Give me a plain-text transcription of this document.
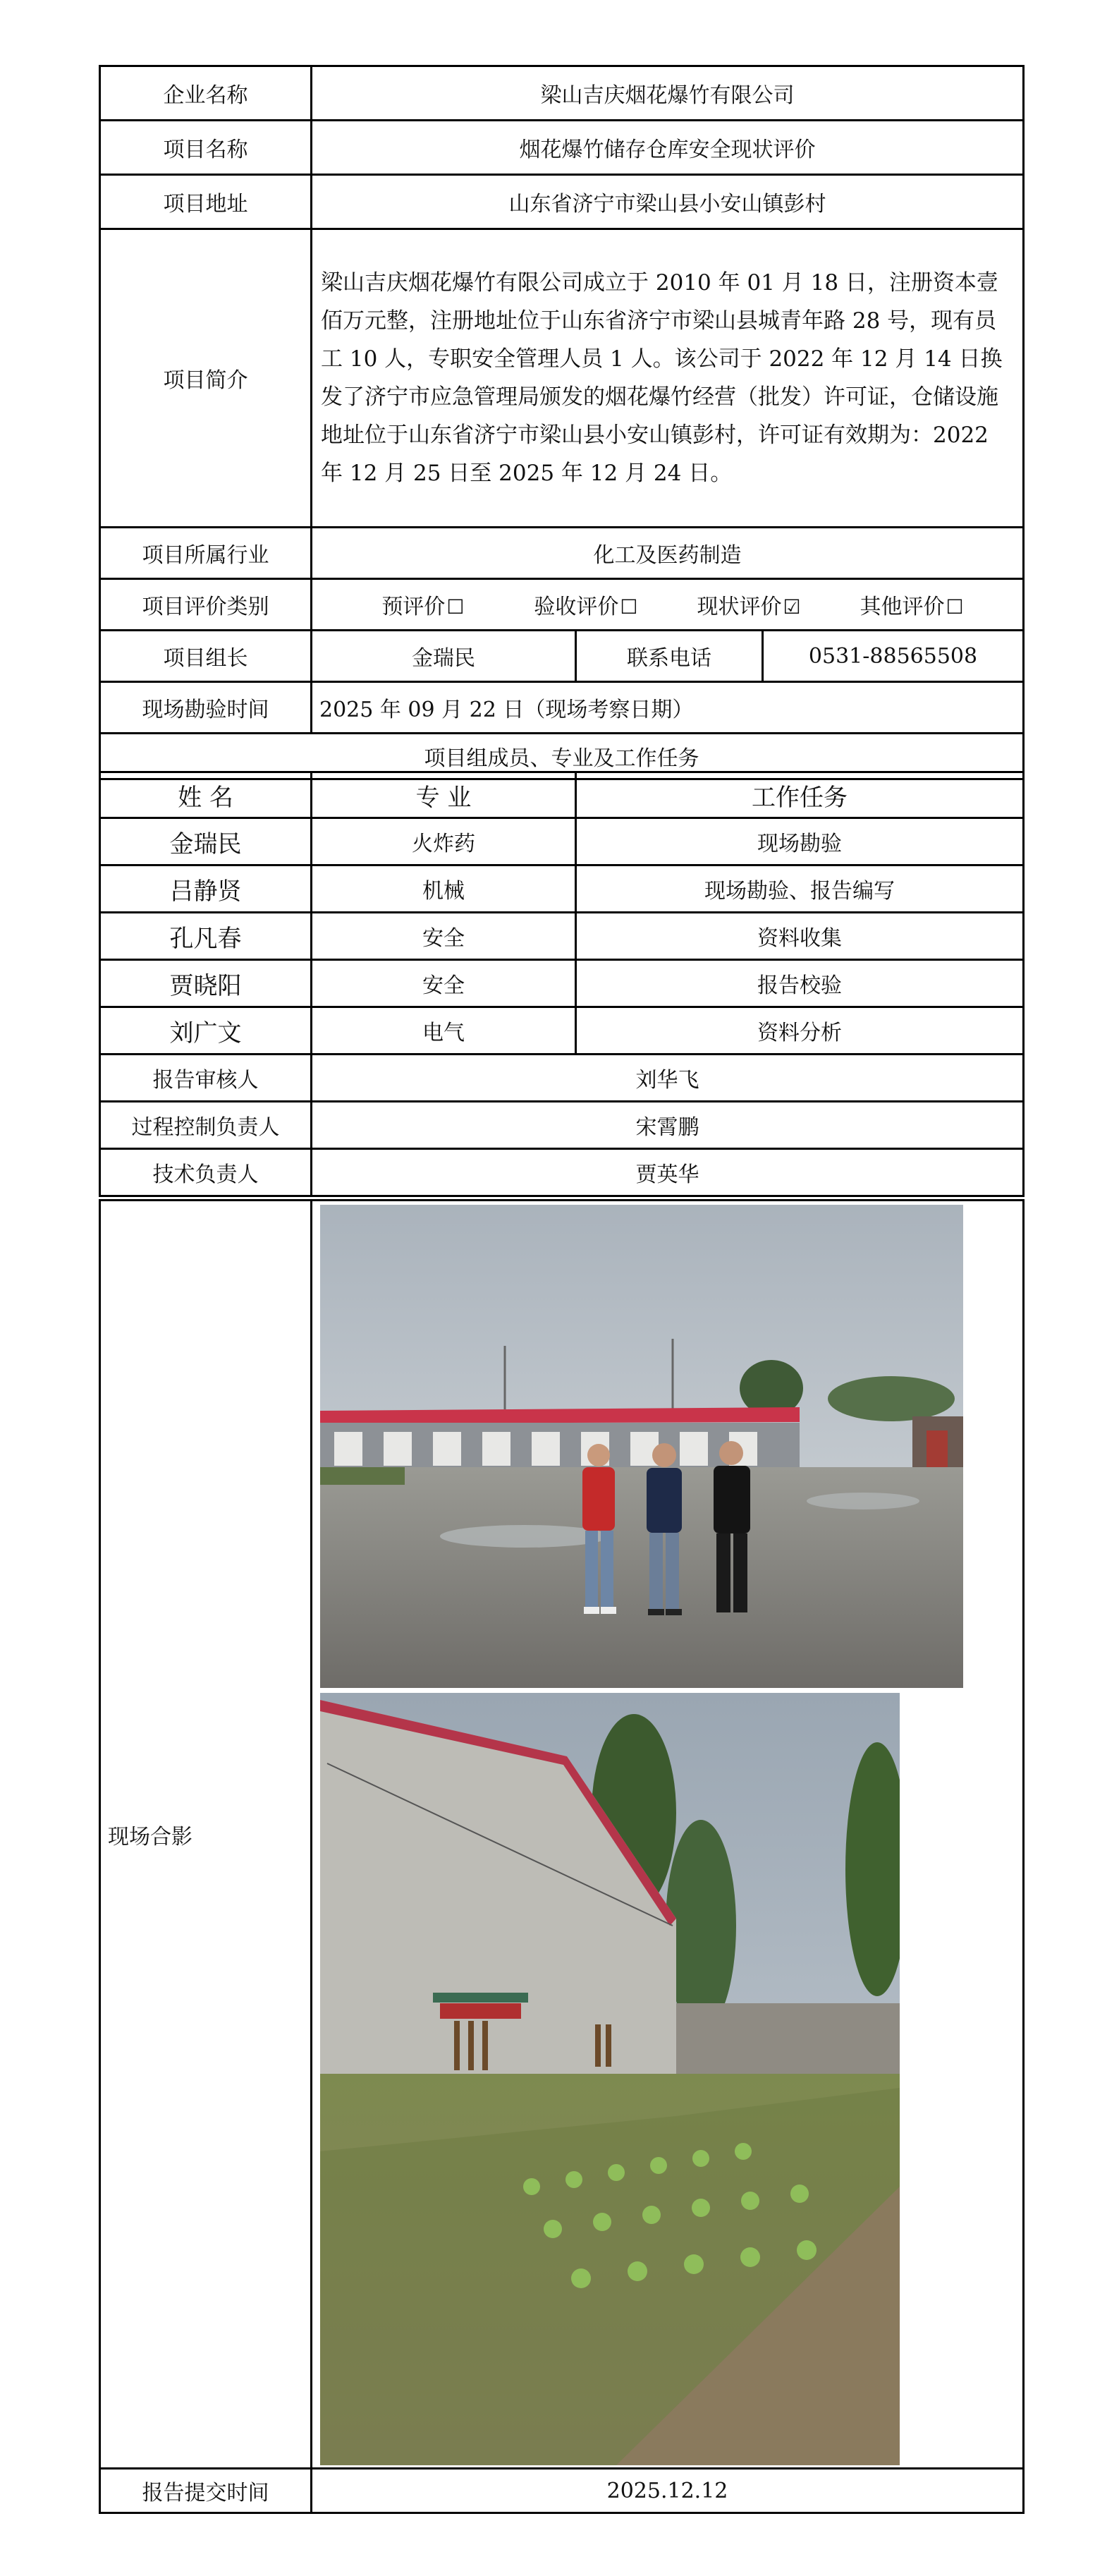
企业名称	梁山吉庆烟花爆竹有限公司		
项目名称	烟花爆竹储存仓库安全现状评价		
项目地址	山东省济宁市梁山县小安山镇彭村		
项目简介	梁山吉庆烟花爆竹有限公司成立于 2010 年 01 月 18 日，注册资本壹佰万元整，注册地址位于山东省济宁市梁山县城青年路 28 号，现有员工 10 人，专职安全管理人员 1 人。该公司于 2022 年 12 月 14 日换发了济宁市应急管理局颁发的烟花爆竹经营（批发）许可证，仓储设施地址位于山东省济宁市梁山县小安山镇彭村，许可证有效期为：2022 年 12 月 25 日至 2025 年 12 月 24 日。		
项目所属行业	化工及医药制造		
项目评价类别	预评价☐ 验收评价☐ 现状评价☑ 其他评价☐		
项目组长	金瑞民	联系电话	0531-88565508
现场勘验时间	2025 年 09 月 22 日（现场考察日期）		
项目组成员、专业及工作任务			
姓 名	专 业	工作任务
金瑞民	火炸药	现场勘验
吕静贤	机械	现场勘验、报告编写
孔凡春	安全	资料收集
贾晓阳	安全	报告校验
刘广文	电气	资料分析
报告审核人	刘华飞	
过程控制负责人	宋霄鹏	
技术负责人	贾英华	
现场合影	
报告提交时间	2025.12.12
